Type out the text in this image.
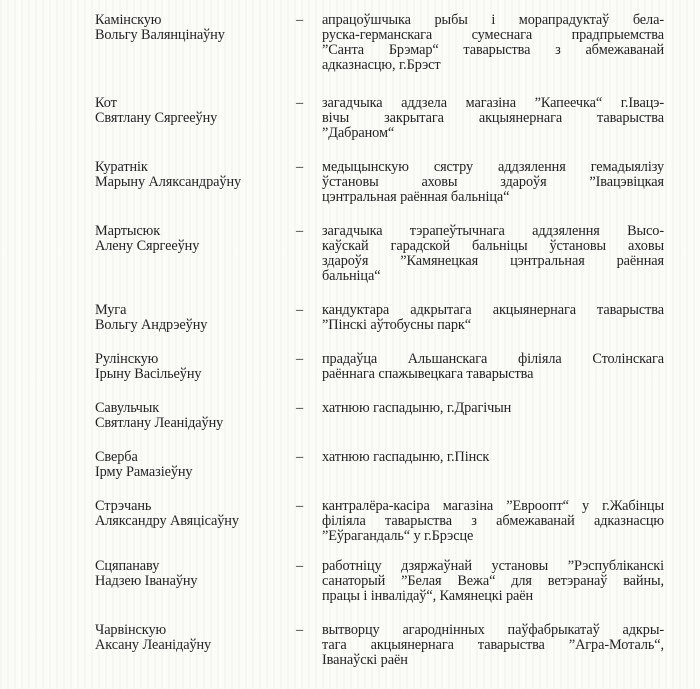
Камінскую
Вольгу Валянцінаўну
–	апрацоўшчыка рыбы і морапрадуктаў бела-
руска-германскага сумеснага прадпрыемства
”Санта Брэмар“ таварыства з абмежаванай
адказнасцю, г.Брэст
Кот
Святлану Сяргееўну
–	загадчыка аддзела магазіна ”Капеечка“ г.Івацэ-
вічы закрытага акцыянернага таварыства
”Дабраном“
Куратнік
Марыну Аляксандраўну
–	медыцынскую сястру аддзялення гемадыялізу
ўстановы аховы здароўя ”Івацэвіцкая
цэнтральная раённая бальніца“
Мартысюк
Алену Сяргееўну
–	загадчыка тэрапеўтычнага аддзялення Высо-
каўскай гарадской бальніцы ўстановы аховы
здароўя ”Камянецкая цэнтральная раённая
бальніца“
Муга
Вольгу Андрэеўну
–	кандуктара адкрытага акцыянернага таварыства
”Пінскі аўтобусны парк“
Рулінскую
Ірыну Васільеўну
–	прадаўца Альшанскага філіяла Столінскага
раённага спажывецкага таварыства
Савульчык
Святлану Леанідаўну
–	хатнюю гаспадыню, г.Драгічын
Сверба
Ірму Рамазіеўну
–	хатнюю гаспадыню, г.Пінск
Стрэчань
Аляксандру Авяцісаўну
–	кантралёра-касіра магазіна ”Евроопт“ у г.Жабінцы
філіяла таварыства з абмежаванай адказнасцю
”Еўрагандаль“ у г.Брэсце
Сцяпанаву
Надзею Іванаўну
–	работніцу дзяржаўнай установы ”Рэспубліканскі
санаторый ”Белая Вежа“ для ветэранаў вайны,
працы і інвалідаў“, Камянецкі раён
Чарвінскую
Аксану Леанідаўну
–	вытворцу агароднінных паўфабрыкатаў адкры-
тага акцыянернага таварыства ”Агра-Моталь“,
Іванаўскі раён
